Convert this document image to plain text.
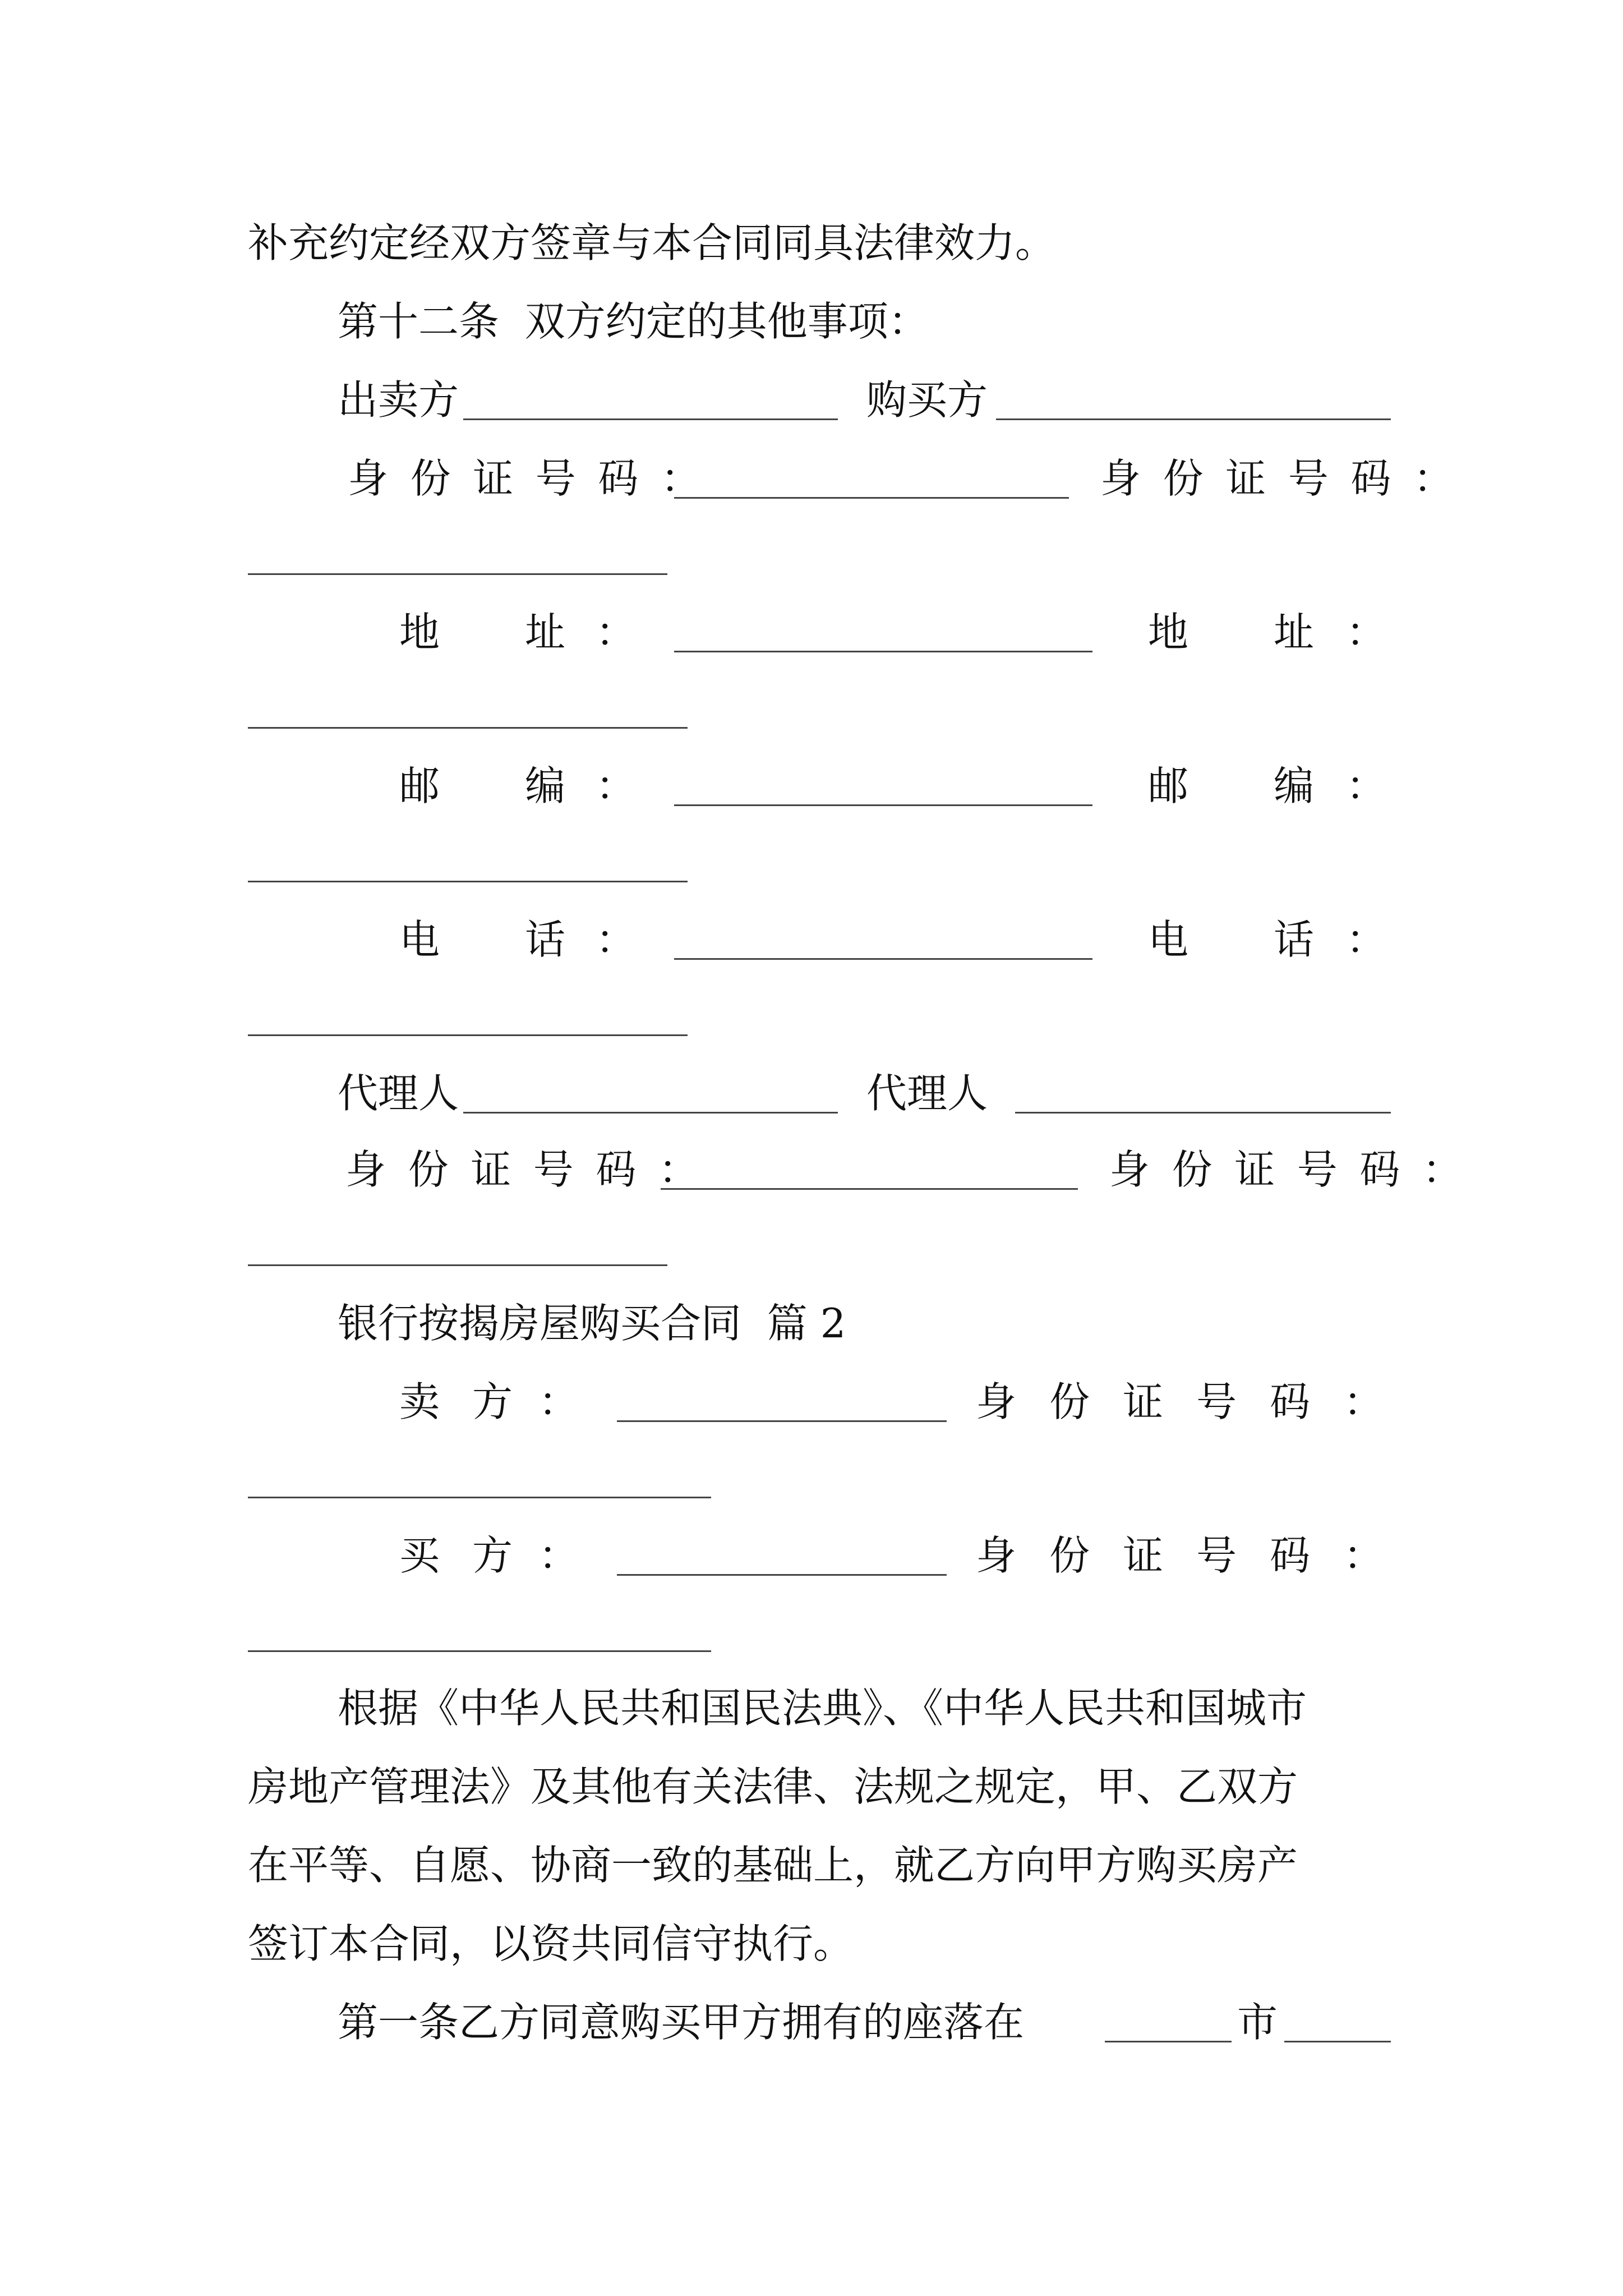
补充约定经双方签章与本合同同具法律效力。
第十二条  双方约定的其他事项：
出卖方	购买方
身份证号码：	身份证号码：
地 址 ：	地 址 ：
邮 编 ：	邮 编 ：
电 话 ：	电 话 ：
代理人	代理人
身份证号码：	身份证号码：
银行按揭房屋购买合同  篇 2
卖 方 ：	身份证号码：
买 方 ：	身份证号码：
根据《中华人民共和国民法典》、《中华人民共和国城市
房地产管理法》及其他有关法律、法规之规定，甲、乙双方
在平等、自愿、协商一致的基础上，就乙方向甲方购买房产
签订本合同，以资共同信守执行。
第一条乙方同意购买甲方拥有的座落在	市
